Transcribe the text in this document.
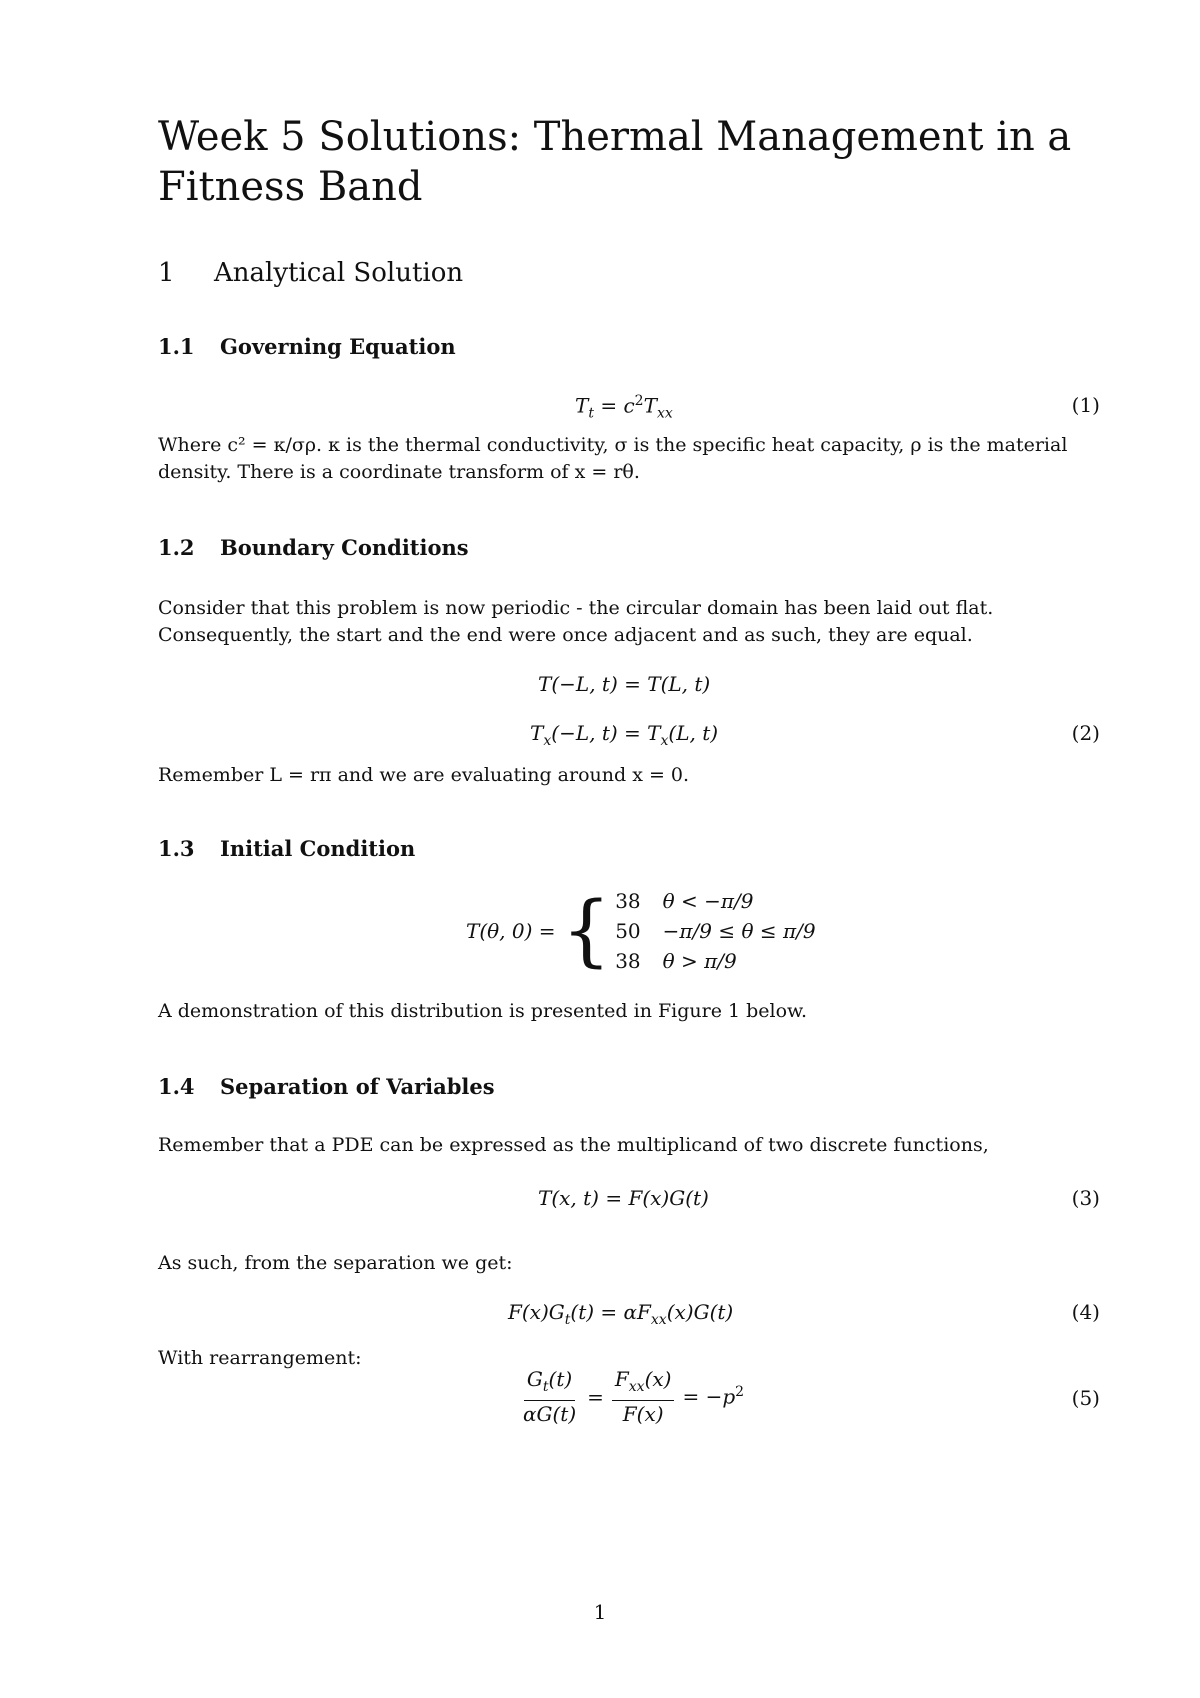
Week 5 Solutions: Thermal Management in a Fitness Band
1 Analytical Solution
1.1 Governing Equation
$T_t = c^2T_{xx}$	(1)
Where c² = κ/σρ. κ is the thermal conductivity, σ is the specific heat capacity, ρ is the material density. There is a coordinate transform of x = rθ.
1.2 Boundary Conditions
Consider that this problem is now periodic - the circular domain has been laid out flat. Consequently, the start and the end were once adjacent and as such, they are equal.
T(−L, t) = T(L, t)
$T_x(-L$, $t) = T_x(L$, t)	(2)
Remember L = rπ and we are evaluating around x = 0.
1.3 Initial Condition
T(θ, 0) = { 38	θ < −π/9
50	−π/9 ≤ θ ≤ π/9
38	θ > π/9
A demonstration of this distribution is presented in Figure 1 below.
1.4 Separation of Variables
Remember that a PDE can be expressed as the multiplicand of two discrete functions,
T(x, t) = F(x)G(t)	(3)
As such, from the separation we get:
$F(x)G_t(t) = \alpha F_{xx}(x)G(t)$	(4)
With rearrangement:
$\frac{G_t(t)}{\alpha G(t)} = \frac{F_{xx}(x)}{F(x)} = -p^2$	(5)
1
